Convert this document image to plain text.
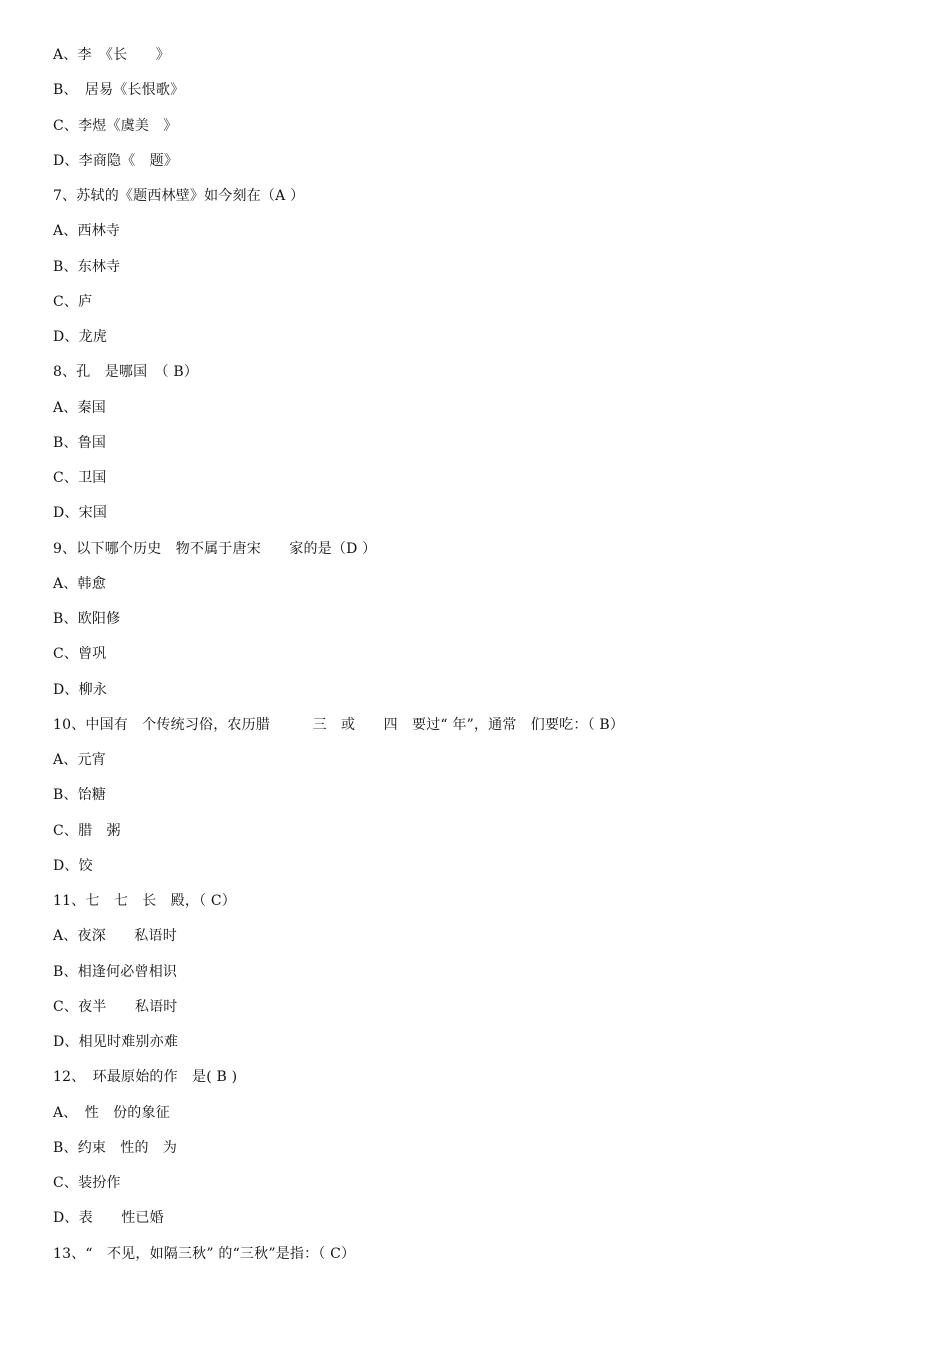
A、李　《长　　》
B、　居易《长恨歌》
C、李煜《虞美　》
D、李商隐《　题》
7、苏轼的《题西林壁》如今刻在（A ）
A、西林寺
B、东林寺
C、庐
D、龙虎
8、孔　是哪国　（ B）
A、秦国
B、鲁国
C、卫国
D、宋国
9、以下哪个历史　物不属于唐宋　　家的是（D ）
A、韩愈
B、欧阳修
C、曾巩
D、柳永
10、中国有　个传统习俗，农历腊　　　三　或　　四　要过“ 年”，通常　们要吃：（ B）
A、元宵
B、饴糖
C、腊　粥
D、饺
11、七　七　长　殿，（ C）
A、夜深　　私语时
B、相逢何必曾相识
C、夜半　　私语时
D、相见时难别亦难
12、　环最原始的作　是( B )
A、　性　份的象征
B、约束　性的　为
C、装扮作
D、表　　性已婚
13、“　不见，如隔三秋” 的“三秋”是指：（ C）
